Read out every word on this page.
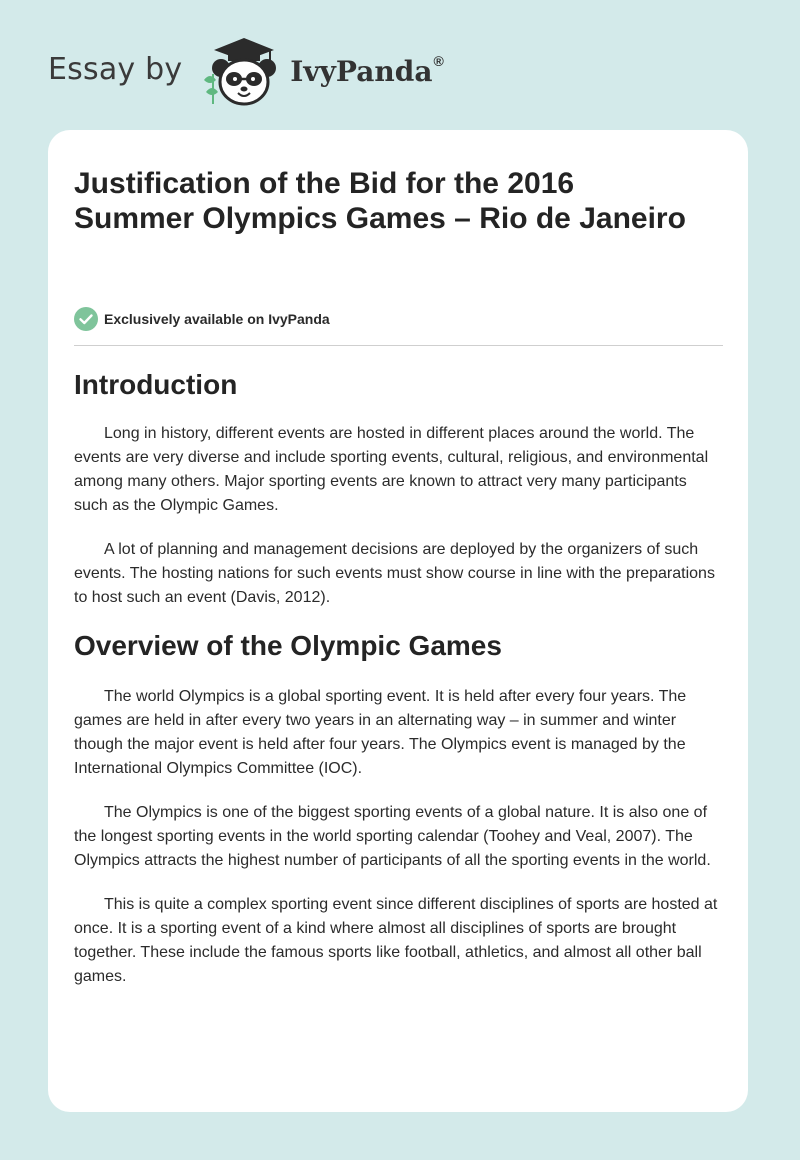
Essay by	IvyPanda®
Justification of the Bid for the 2016 Summer Olympics Games – Rio de Janeiro
Exclusively available on IvyPanda
Introduction

Long in history, different events are hosted in different places around the world. The events are very diverse and include sporting events, cultural, religious, and environmental among many others. Major sporting events are known to attract very many participants such as the Olympic Games.

A lot of planning and management decisions are deployed by the organizers of such events. The hosting nations for such events must show course in line with the preparations to host such an event (Davis, 2012).

Overview of the Olympic Games

The world Olympics is a global sporting event. It is held after every four years. The games are held in after every two years in an alternating way – in summer and winter though the major event is held after four years. The Olympics event is managed by the International Olympics Committee (IOC).

The Olympics is one of the biggest sporting events of a global nature. It is also one of the longest sporting events in the world sporting calendar (Toohey and Veal, 2007). The Olympics attracts the highest number of participants of all the sporting events in the world.

This is quite a complex sporting event since different disciplines of sports are hosted at once. It is a sporting event of a kind where almost all disciplines of sports are brought together. These include the famous sports like football, athletics, and almost all other ball games.
